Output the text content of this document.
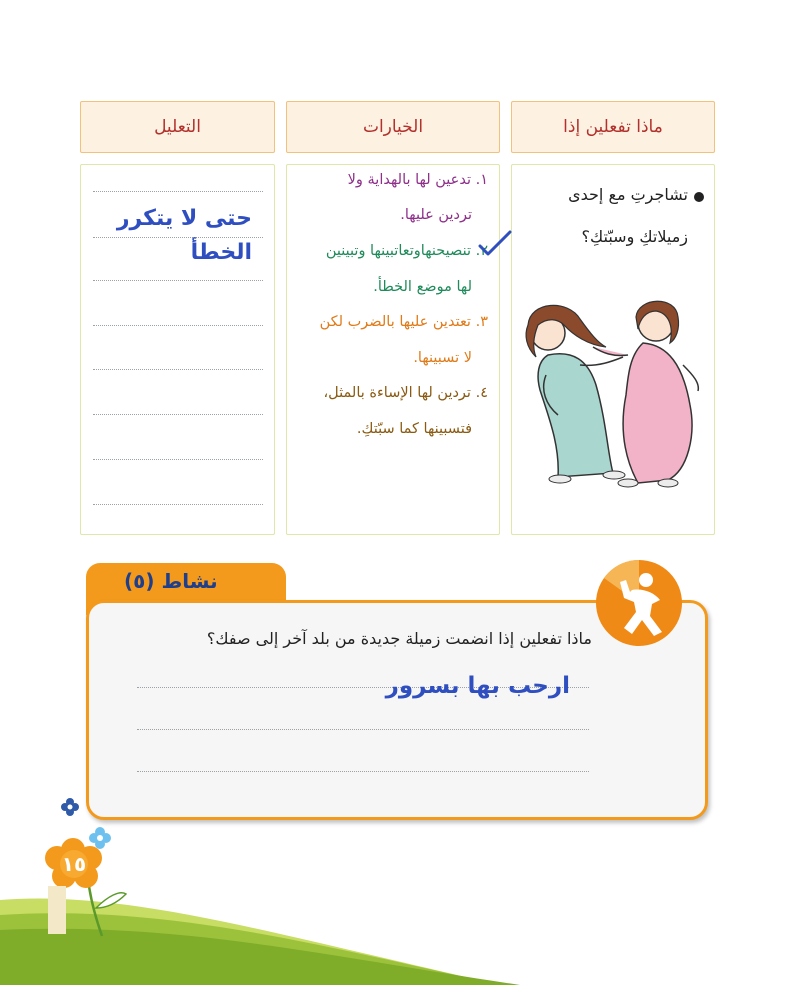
ماذا تفعلين إذا
الخيارات
التعليل
تشاجرتِ مع إحدى
زميلاتكِ وسبّتكِ؟
١. تدعين لها بالهداية ولا
تردين عليها.
٢. تنصيحنهاوتعاتبينها وتبينين
لها موضع الخطأ.
٣. تعتدين عليها بالضرب لكن
لا تسبينها.
٤. تردين لها الإساءة بالمثل،
فتسبينها كما سبّتكِ.
حتى لا يتكرر
الخطأ
نشاط (٥)
ماذا تفعلين إذا انضمت زميلة جديدة من بلد آخر إلى صفك؟
ارحب بها بسرور
١٥
